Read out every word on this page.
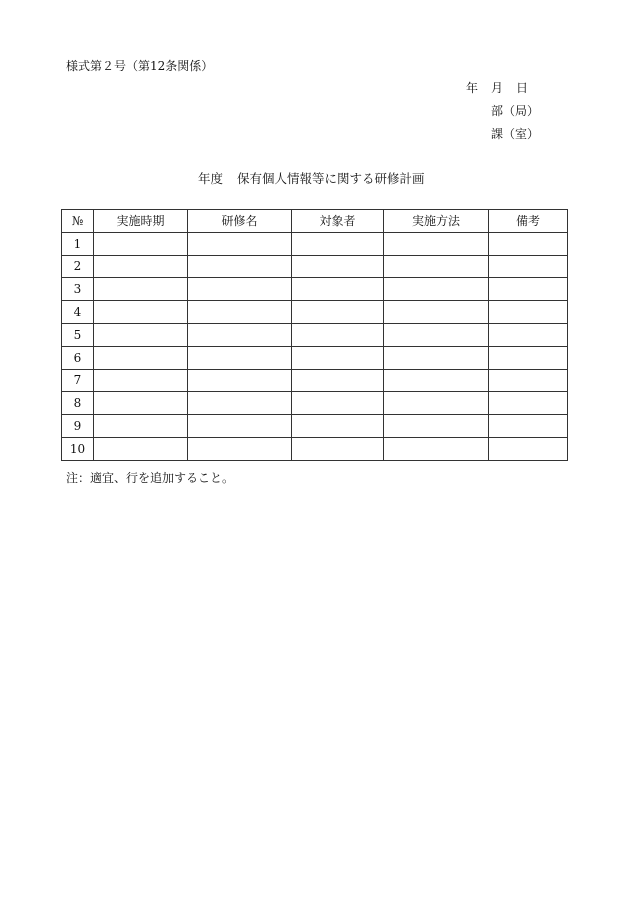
様式第２号（第12条関係）
年	月	日
部（局）
課（室）
年度 保有個人情報等に関する研修計画
№	実施時期	研修名	対象者	実施方法	備考
1					
2					
3					
4					
5					
6					
7					
8					
9					
10					
注：適宜、行を追加すること。
